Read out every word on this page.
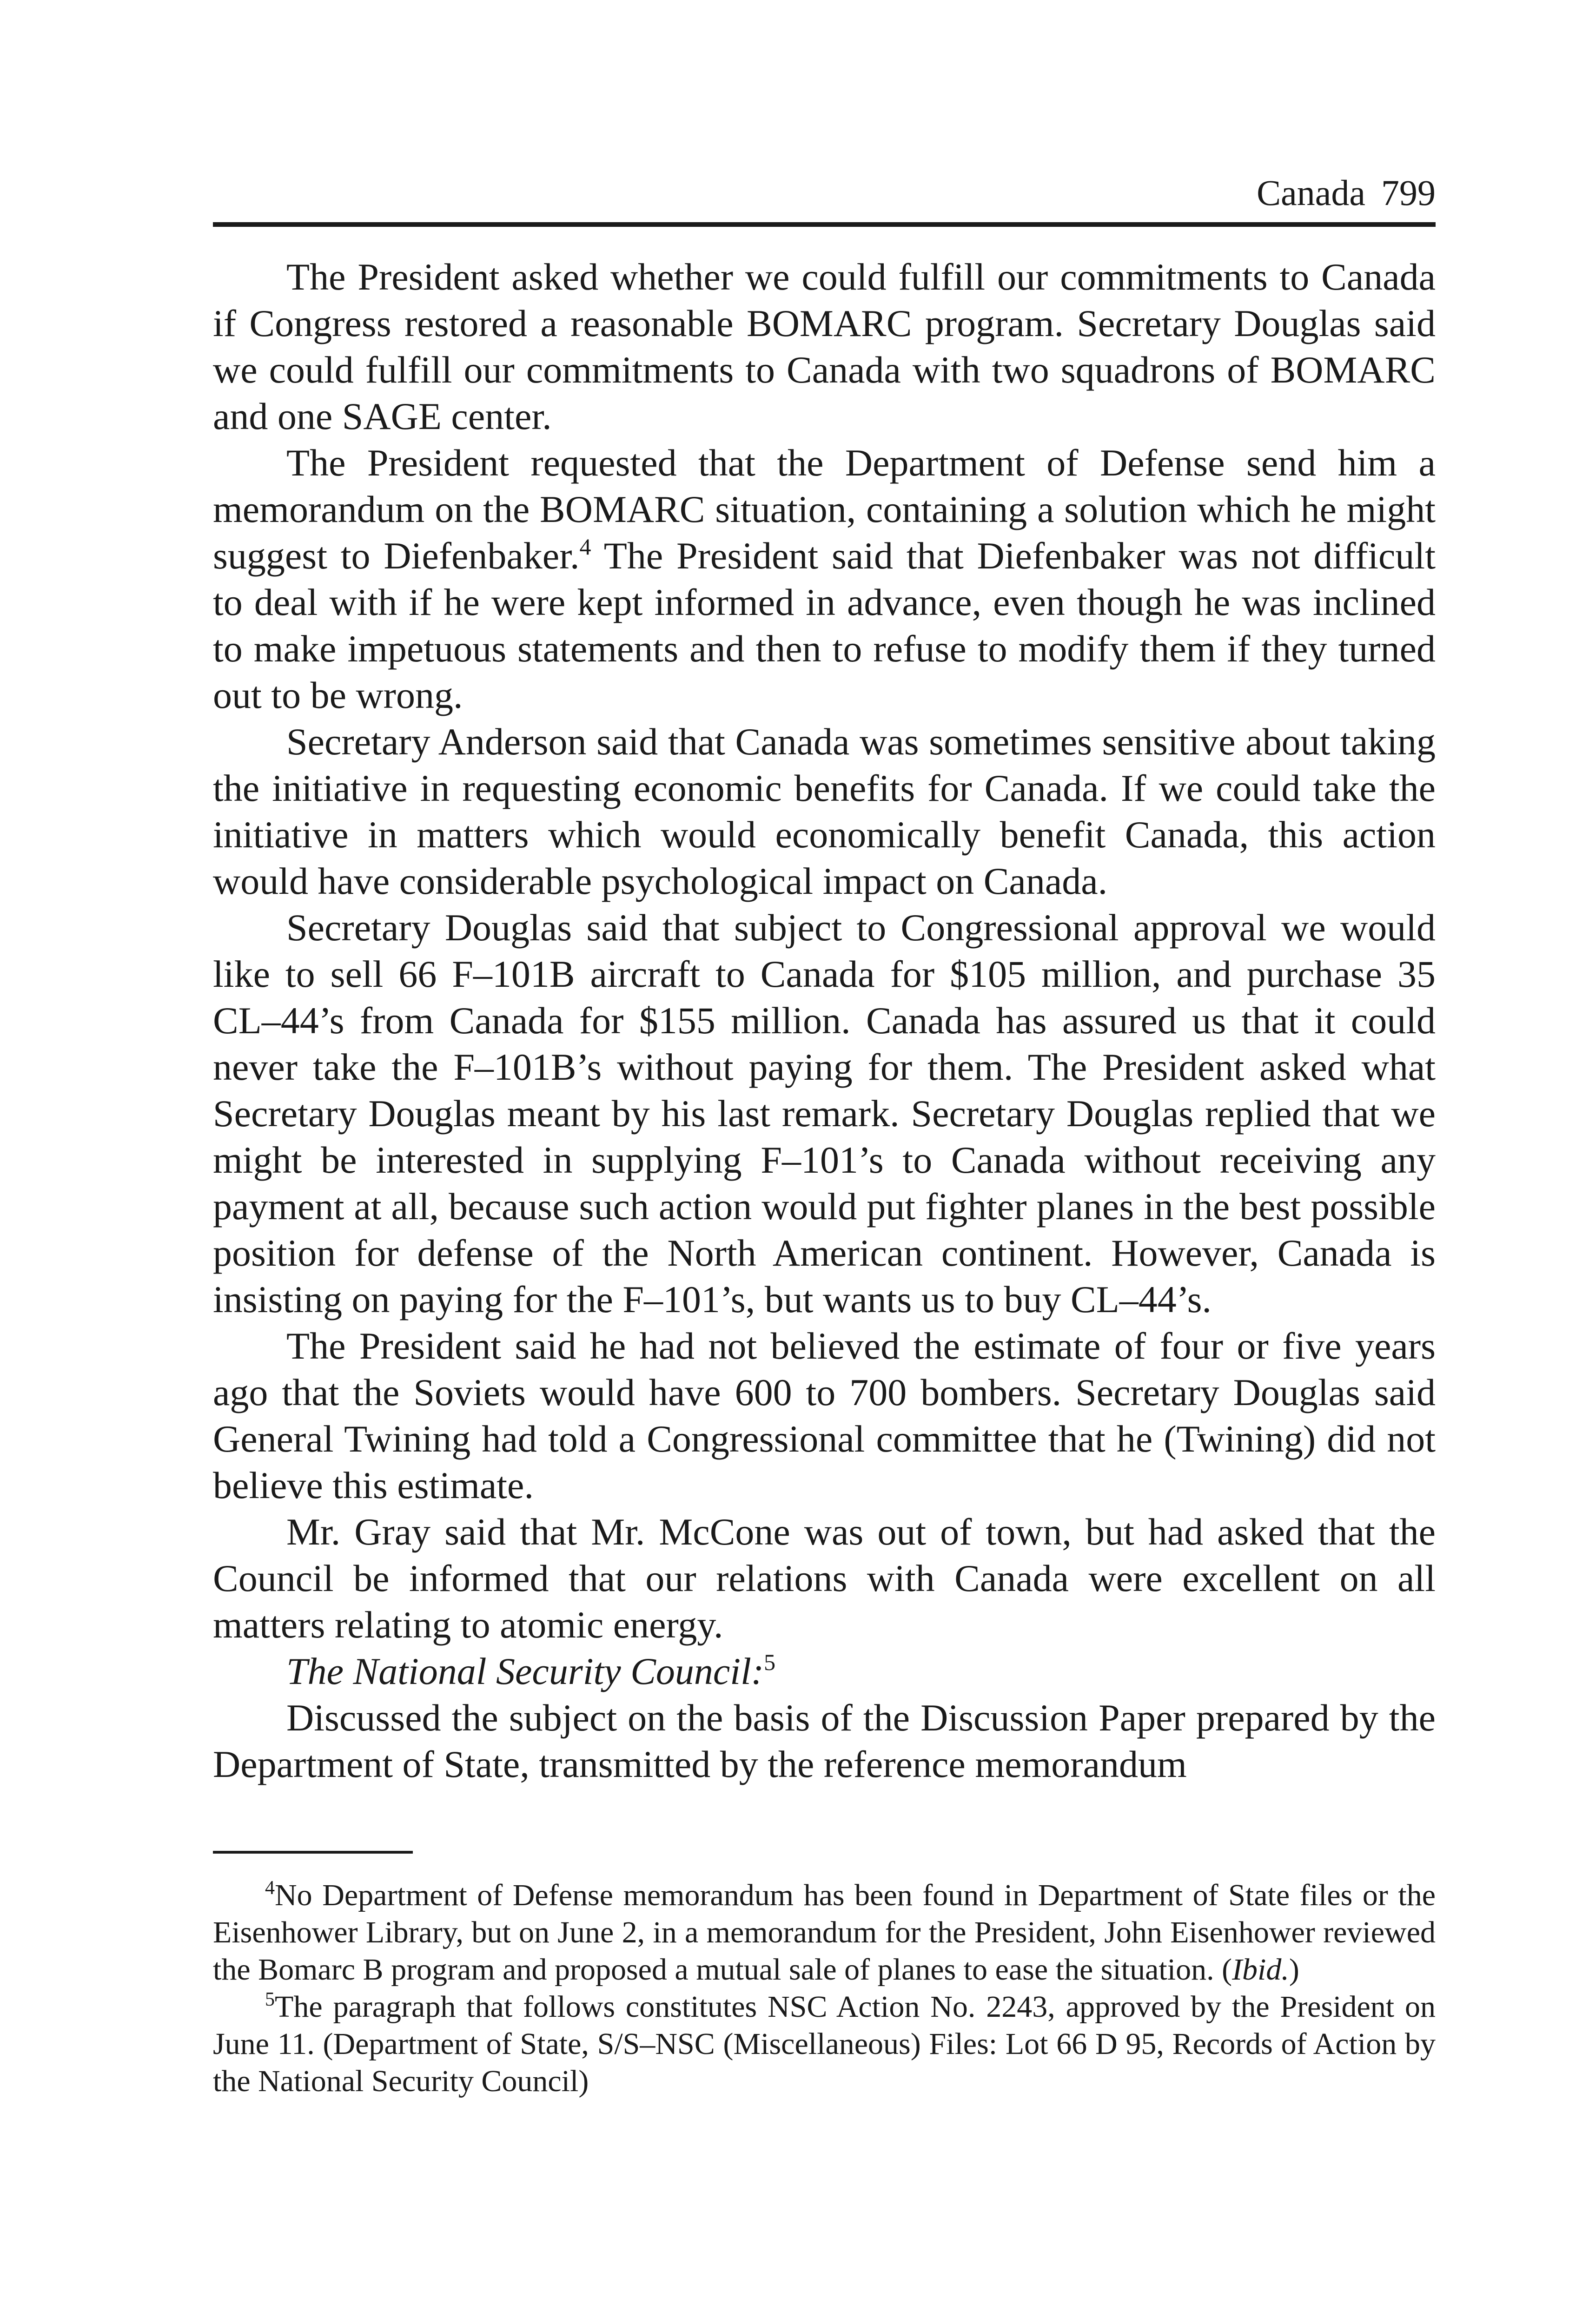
Canada 799

The President asked whether we could fulfill our commitments to Canada if Congress restored a reasonable BOMARC program. Secretary Douglas said we could fulfill our commitments to Canada with two squadrons of BOMARC and one SAGE center.

The President requested that the Department of Defense send him a memorandum on the BOMARC situation, containing a solution which he might suggest to Diefenbaker.$^4$ The President said that Diefenbaker was not difficult to deal with if he were kept informed in advance, even though he was inclined to make impetuous statements and then to refuse to modify them if they turned out to be wrong.

Secretary Anderson said that Canada was sometimes sensitive about taking the initiative in requesting economic benefits for Canada. If we could take the initiative in matters which would economically benefit Canada, this action would have considerable psychological impact on Canada.

Secretary Douglas said that subject to Congressional approval we would like to sell 66 F–101B aircraft to Canada for $105 million, and purchase 35 CL–44’s from Canada for $155 million. Canada has assured us that it could never take the F–101B’s without paying for them. The President asked what Secretary Douglas meant by his last remark. Secretary Douglas replied that we might be interested in supplying F–101’s to Canada without receiving any payment at all, because such action would put fighter planes in the best possible position for defense of the North American continent. However, Canada is insisting on paying for the F–101’s, but wants us to buy CL–44’s.

The President said he had not believed the estimate of four or five years ago that the Soviets would have 600 to 700 bombers. Secretary Douglas said General Twining had told a Congressional committee that he (Twining) did not believe this estimate.

Mr. Gray said that Mr. McCone was out of town, but had asked that the Council be informed that our relations with Canada were excellent on all matters relating to atomic energy.

The National Security Council:$^5$

Discussed the subject on the basis of the Discussion Paper prepared by the Department of State, transmitted by the reference memorandum

$^4$No Department of Defense memorandum has been found in Department of State files or the Eisenhower Library, but on June 2, in a memorandum for the President, John Eisenhower reviewed the Bomarc B program and proposed a mutual sale of planes to ease the situation. (Ibid.)

$^5$The paragraph that follows constitutes NSC Action No. 2243, approved by the President on June 11. (Department of State, S/S–NSC (Miscellaneous) Files: Lot 66 D 95, Records of Action by the National Security Council)
